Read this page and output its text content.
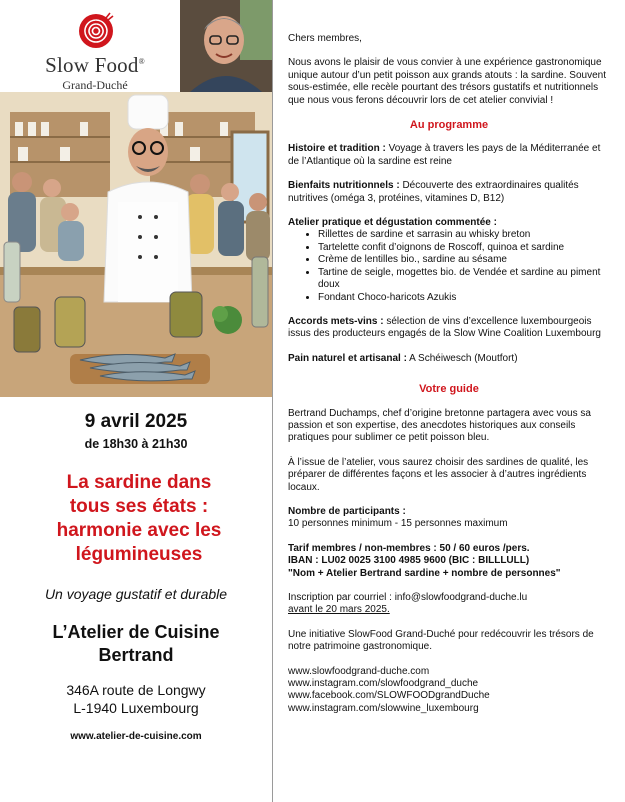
Slow Food®
Grand-Duché
9 avril 2025
de 18h30 à 21h30
La sardine dans
tous ses états :
harmonie avec les
légumineuses
Un voyage gustatif et durable
L’Atelier de Cuisine
Bertrand
346A route de Longwy
L-1940 Luxembourg
www.atelier-de-cuisine.com

Chers membres,

Nous avons le plaisir de vous convier à une expérience gastronomique unique autour d’un petit poisson aux grands atouts : la sardine. Souvent sous-estimée, elle recèle pourtant des trésors gustatifs et nutritionnels que nous vous ferons découvrir lors de cet atelier convivial !

Au programme

Histoire et tradition : Voyage à travers les pays de la Méditerranée et de l’Atlantique où la sardine est reine

Bienfaits nutritionnels : Découverte des extraordinaires qualités nutritives (oméga 3, protéines, vitamines D, B12)

Atelier pratique et dégustation commentée :

• Rillettes de sardine et sarrasin au whisky breton
• Tartelette confit d’oignons de Roscoff, quinoa et sardine
• Crème de lentilles bio., sardine au sésame
• Tartine de seigle, mogettes bio. de Vendée et sardine au piment doux
• Fondant Choco-haricots Azukis

Accords mets-vins : sélection de vins d’excellence luxembourgeois issus des producteurs engagés de la Slow Wine Coalition Luxembourg

Pain naturel et artisanal : A Schéiwesch (Moutfort)

Votre guide

Bertrand Duchamps, chef d’origine bretonne partagera avec vous sa passion et son expertise, des anecdotes historiques aux conseils pratiques pour sublimer ce petit poisson bleu.

À l’issue de l’atelier, vous saurez choisir des sardines de qualité, les préparer de différentes façons et les associer à d’autres ingrédients locaux.

Nombre de participants :

10 personnes minimum - 15 personnes maximum

Tarif membres / non-membres : 50 / 60 euros /pers.

IBAN : LU02 0025 3100 4985 9600 (BIC : BILLLULL)

"Nom + Atelier Bertrand sardine + nombre de personnes"

Inscription par courriel : info@slowfoodgrand-duche.lu

avant le 20 mars 2025.

Une initiative SlowFood Grand-Duché pour redécouvrir les trésors de notre patrimoine gastronomique.

www.slowfoodgrand-duche.com

www.instagram.com/slowfoodgrand_duche

www.facebook.com/SLOWFOODgrandDuche

www.instagram.com/slowwine_luxembourg
